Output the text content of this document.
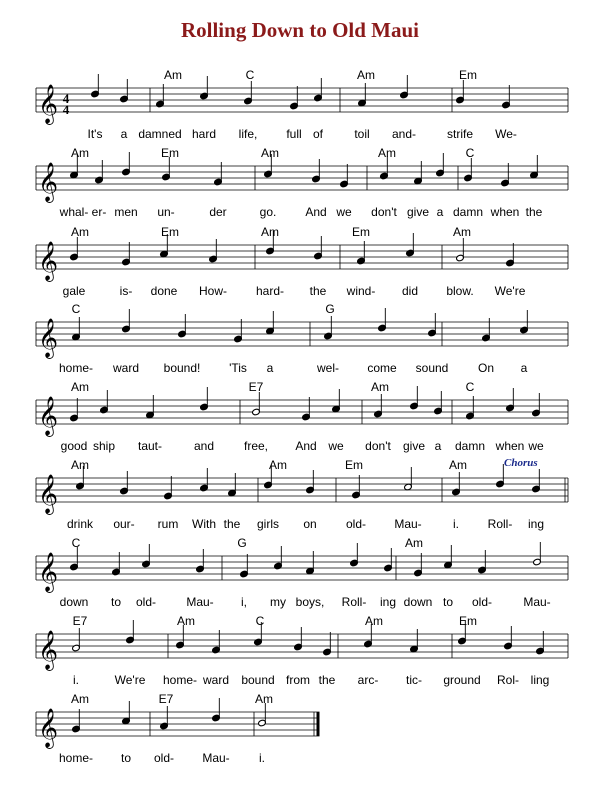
Rolling Down to Old Maui
𝄞
𝄞
𝄞
𝄞
𝄞
𝄞
𝄞
𝄞
𝄞
Am	C	Am	Em
Am	Em	Am	Am	C
Am	Em	Am	Em	Am
C	G
Am	E7	Am	C
Am	Am	Em	Am
C	G	Am
E7	Am	C	Am	Em
Am	E7	Am
It's a damned hard life, full of	toil and-	strife We-
whal- er- men un-	der	go. And we don't give a damn when the
gale	is- done How- hard- the wind- did blow. We're
home- ward bound! 'Tis a	wel- come sound On a
good ship taut-	and free, And we don't give a damn when we
drink our- rum With the girls on old- Mau-	i. Roll- ing
down to old-	Mau- i, my boys, Roll- ing down to old-	Mau-
i.	We're home- ward bound from the arc- tic- ground Rol- ling
home- to old- Mau- i.
4
4
Chorus
